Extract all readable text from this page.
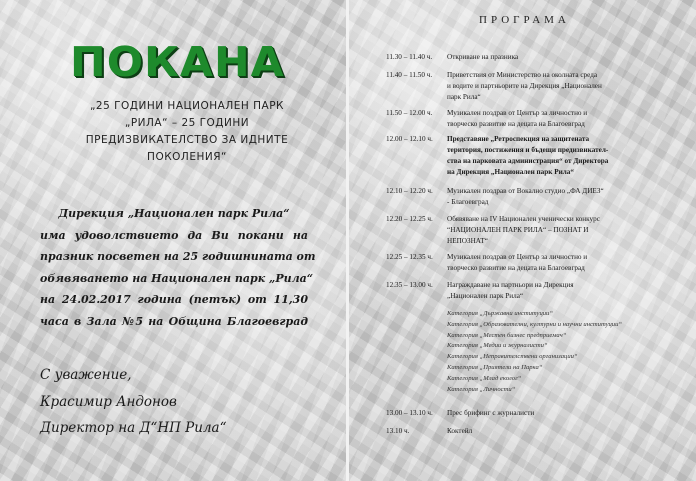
ПОКАНА
„25 ГОДИНИ НАЦИОНАЛЕН ПАРК
„РИЛА“ – 25 ГОДИНИ
ПРЕДИЗВИКАТЕЛСТВО ЗА ИДНИТЕ
ПОКОЛЕНИЯ“
Дирекция „Национален парк Рила“
има удоволствието да Ви покани на
празник посветен на 25 годишнината от
обявяването на Национален парк „Рила“
на 24.02.2017 година (петък) от 11,30
часа в Зала №5 на Община Благоевград
С уважение,
Красимир Андонов
Директор на Д“НП Рила“
ПРОГРАМА
11.30 – 11.40 ч.	Откриване на празника
11.40 – 11.50 ч.	Приветствия от Министерство на околната среда
и водите и партньорите на Дирекция „Национален
парк Рила“
11.50 – 12.00 ч.	Музикален поздрав от Център за личностно и
творческо развитие на децата на Благоевград
12.00 – 12.10 ч.	Представяне „Ретроспекция на защитената
територия, постижения и бъдещи предизвикател-
ства на парковата администрация“ от Директора
на Дирекция „Национален парк Рила“
12.10 – 12.20 ч.	Музикален поздрав от Вокално студио „ФА ДИЕЗ“
- Благоевград
12.20 – 12.25 ч.	Обявяване на IV Национален ученически конкурс
“НАЦИОНАЛЕН ПАРК РИЛА“ – ПОЗНАТ И
НЕПОЗНАТ“
12.25 – 12.35 ч.	Музикален поздрав от Център за личностно и
творческо развитие на децата на Благоевград
12.35 – 13.00 ч.	Награждаване на партньори на Дирекция
„Национален парк Рила“
Категория „Държавни институции“
Категория „Образователни, културни и научни институции“
Категория „Местен бизнес предприемач“
Категория „Медии и журналисти“
Категория „Неправителствени организации“
Категория „Приятели на Парка“
Категория „Млад еколог“
Категория „Личности“
13.00 – 13.10 ч.	Прес брифинг с журналисти
13.10 ч.	Коктейл
